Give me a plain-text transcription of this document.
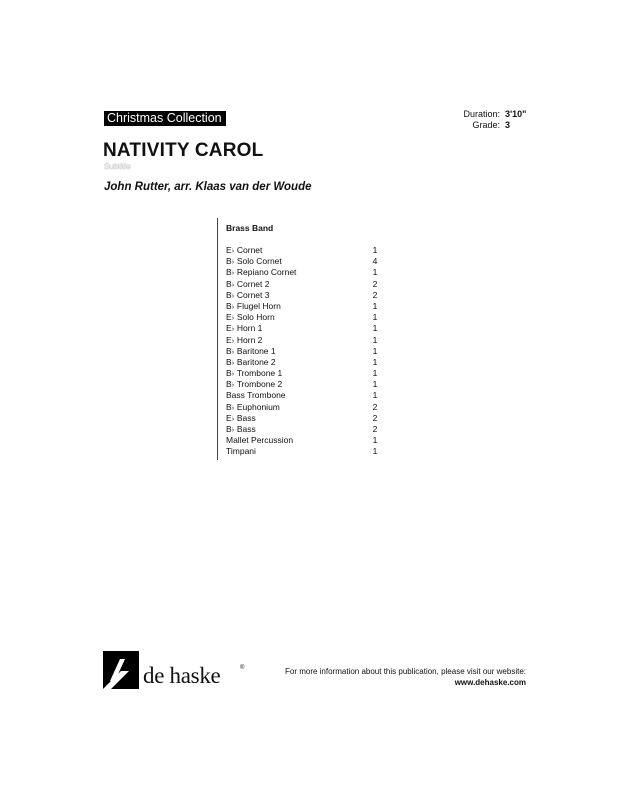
Christmas Collection	Duration: 3'10"
Grade: 3
NATIVITY CAROL
Subtitle
John Rutter, arr. Klaas van der Woude
Brass Band
E♭ Cornet	1
B♭ Solo Cornet	4
B♭ Repiano Cornet	1
B♭ Cornet 2	2
B♭ Cornet 3	2
B♭ Flugel Horn	1
E♭ Solo Horn	1
E♭ Horn 1	1
E♭ Horn 2	1
B♭ Baritone 1	1
B♭ Baritone 2	1
B♭ Trombone 1	1
B♭ Trombone 2	1
Bass Trombone	1
B♭ Euphonium	2
E♭ Bass	2
B♭ Bass	2
Mallet Percussion	1
Timpani	1
de haske	®	For more information about this publication, please visit our website:
www.dehaske.com
